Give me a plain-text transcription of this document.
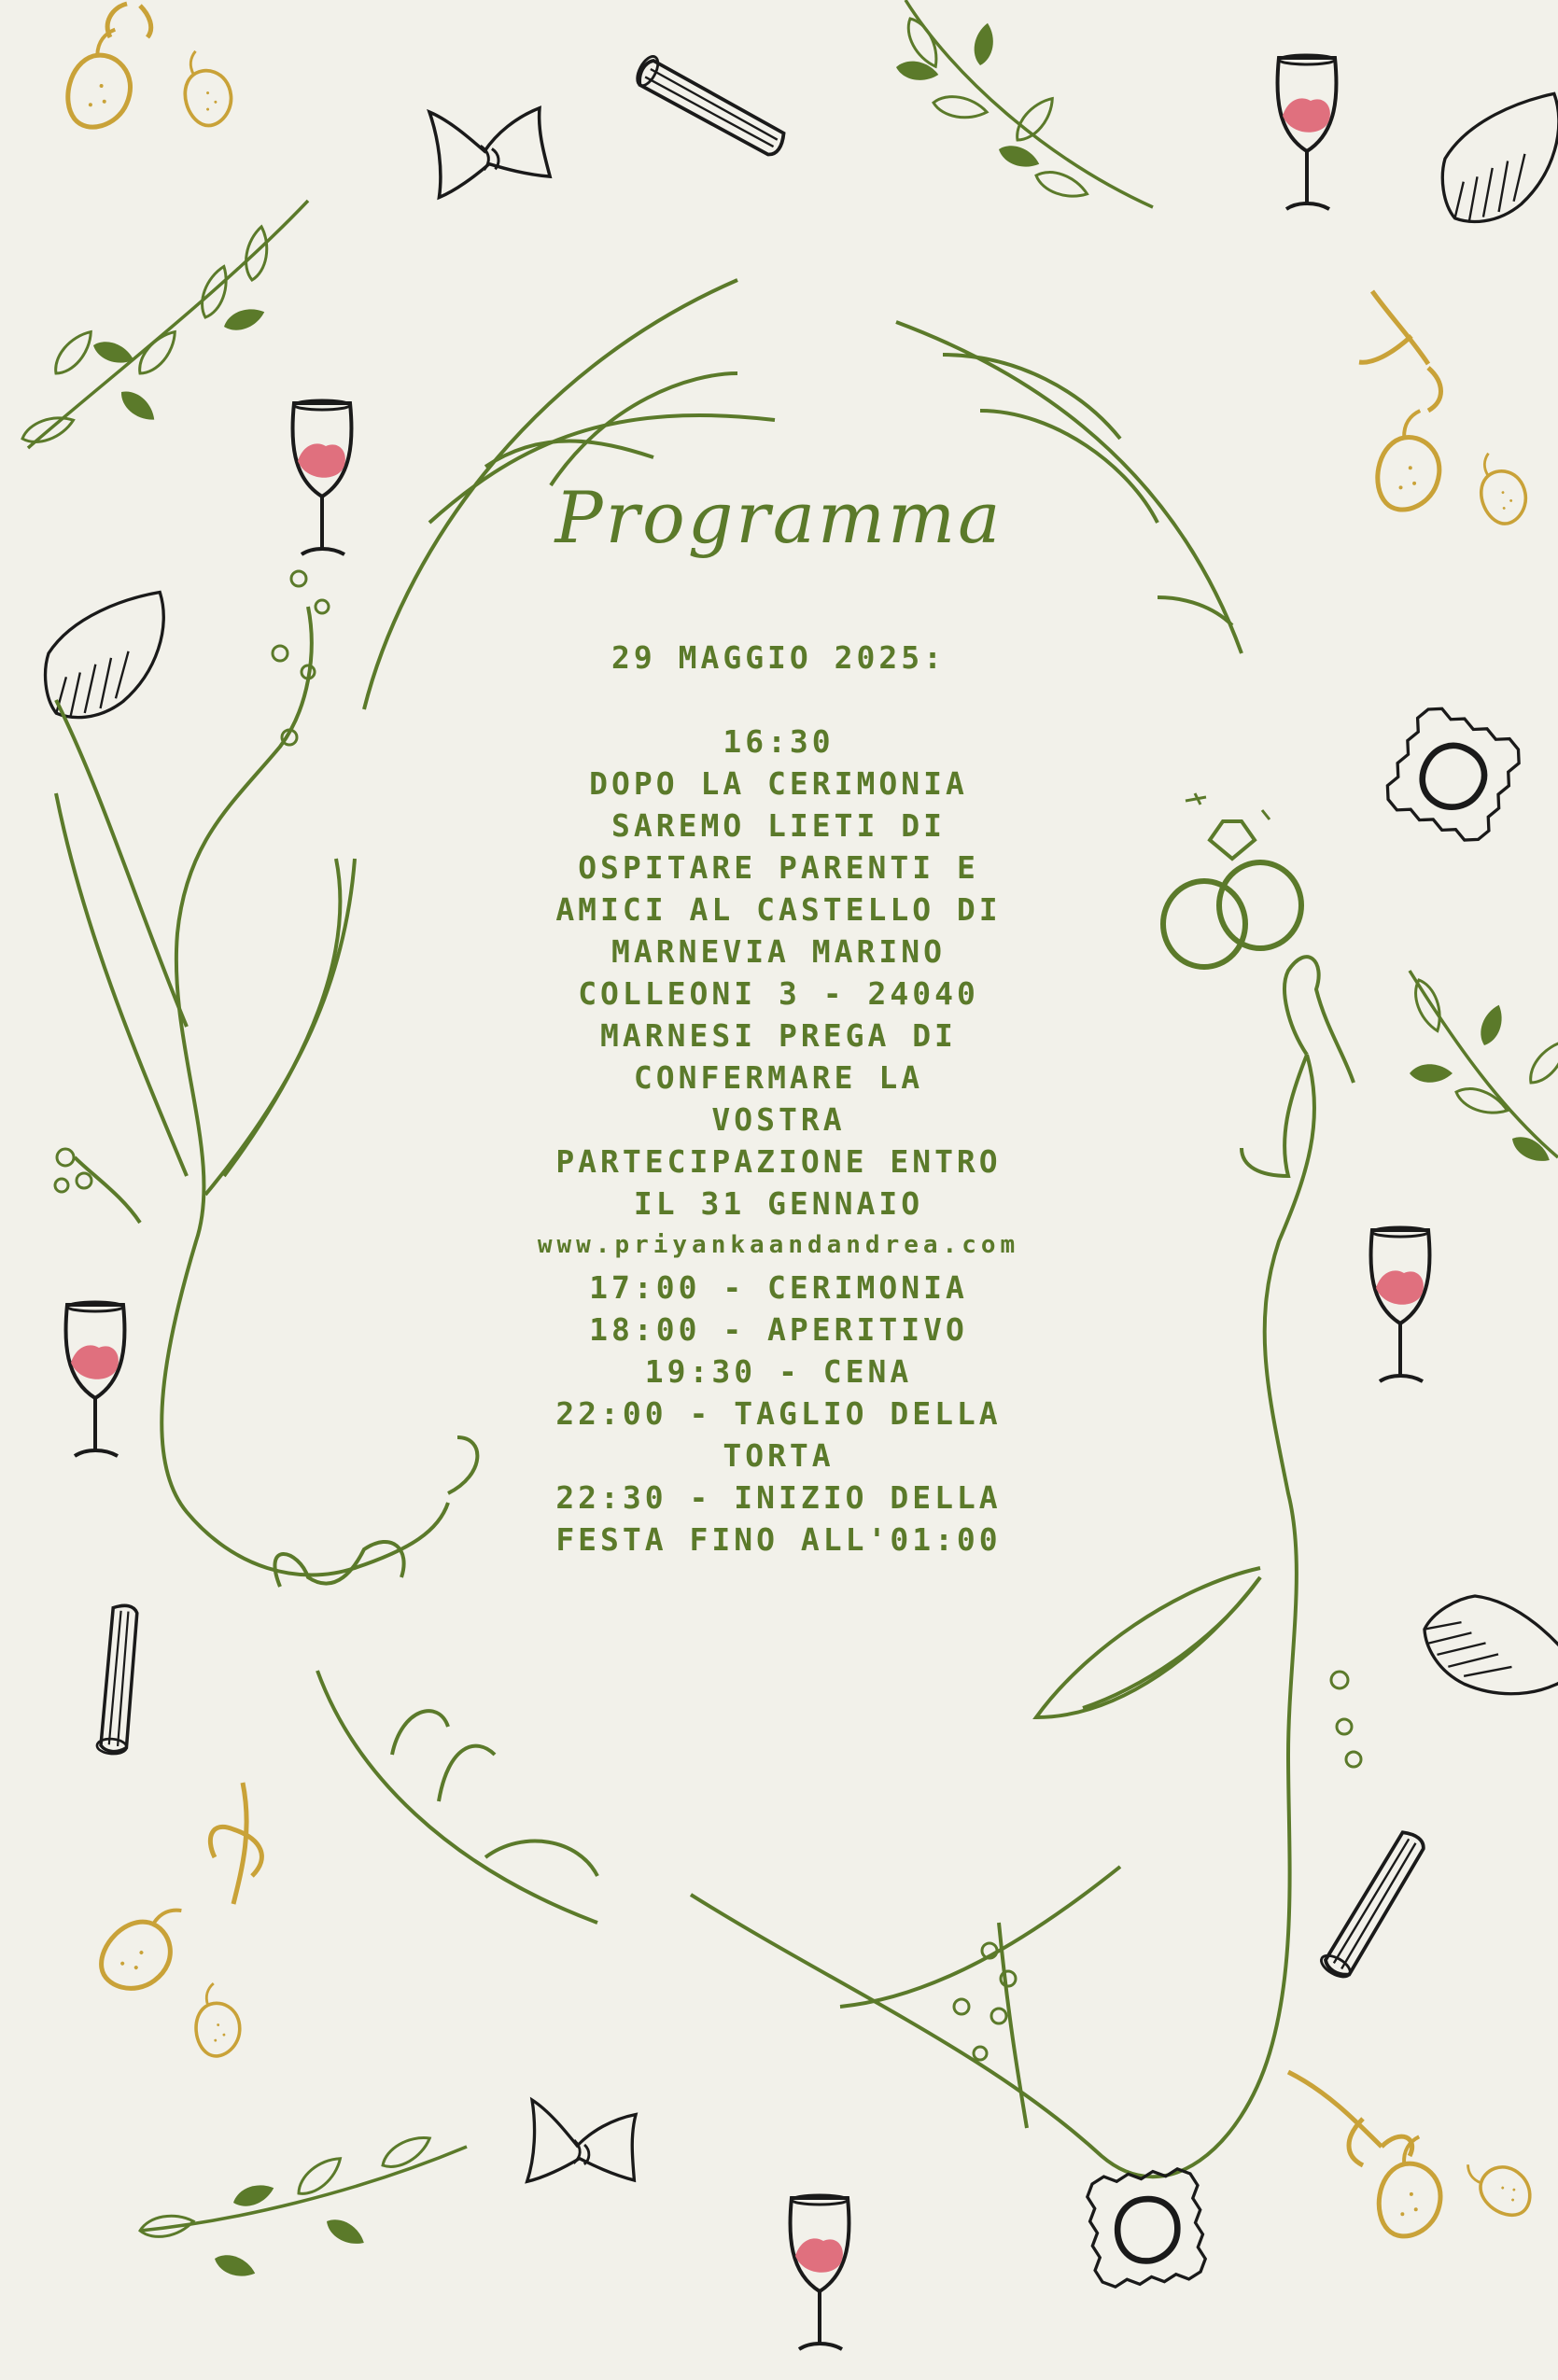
Programma
29 MAGGIO 2025:
16:30
DOPO LA CERIMONIA
SAREMO LIETI DI
OSPITARE PARENTI E
AMICI AL CASTELLO DI
MARNEVIA MARINO
COLLEONI 3 - 24040
MARNESI PREGA DI
CONFERMARE LA
VOSTRA
PARTECIPAZIONE ENTRO
IL 31 GENNAIO
www.priyankaandandrea.com
17:00 - CERIMONIA
18:00 - APERITIVO
19:30 - CENA
22:00 - TAGLIO DELLA
TORTA
22:30 - INIZIO DELLA
FESTA FINO ALL'01:00
